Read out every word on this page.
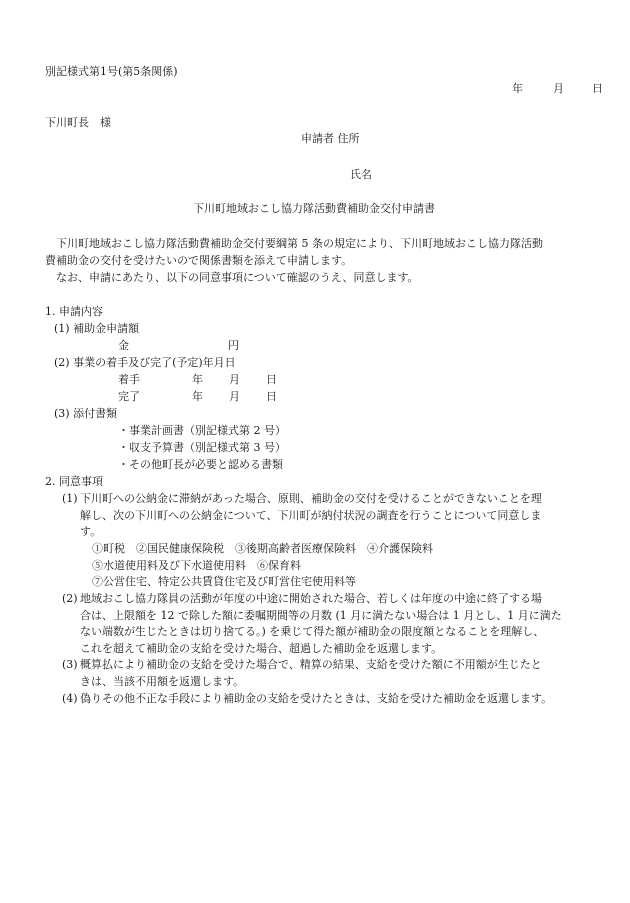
別記様式第1号(第5条関係)
年	月	日
下川町長　様
申請者 住所
氏名
下川町地域おこし協力隊活動費補助金交付申請書
下川町地域おこし協力隊活動費補助金交付要綱第 5 条の規定により、下川町地域おこし協力隊活動
費補助金の交付を受けたいので関係書類を添えて申請します。
なお、申請にあたり、以下の同意事項について確認のうえ、同意します。
1. 申請内容
(1) 補助金申請額
金	円
(2) 事業の着手及び完了(予定)年月日
着手	年 月 日
完了	年 月 日
(3) 添付書類
・事業計画書（別記様式第 2 号）
・収支予算書（別記様式第 3 号）
・その他町長が必要と認める書類
2. 同意事項
(1) 下川町への公納金に滞納があった場合、原則、補助金の交付を受けることができないことを理
解し、次の下川町への公納金について、下川町が納付状況の調査を行うことについて同意しま
す。
①町税　②国民健康保険税　③後期高齢者医療保険料　④介護保険料
⑤水道使用料及び下水道使用料　⑥保育料
⑦公営住宅、特定公共賃貸住宅及び町営住宅使用料等
(2) 地域おこし協力隊員の活動が年度の中途に開始された場合、若しくは年度の中途に終了する場
合は、上限額を 12 で除した額に委嘱期間等の月数 (1 月に満たない場合は 1 月とし、1 月に満た
ない端数が生じたときは切り捨てる。) を乗じて得た額が補助金の限度額となることを理解し、
これを超えて補助金の支給を受けた場合、超過した補助金を返還します。
(3) 概算払により補助金の支給を受けた場合で、精算の結果、支給を受けた額に不用額が生じたと
きは、当該不用額を返還します。
(4) 偽りその他不正な手段により補助金の支給を受けたときは、支給を受けた補助金を返還します。
